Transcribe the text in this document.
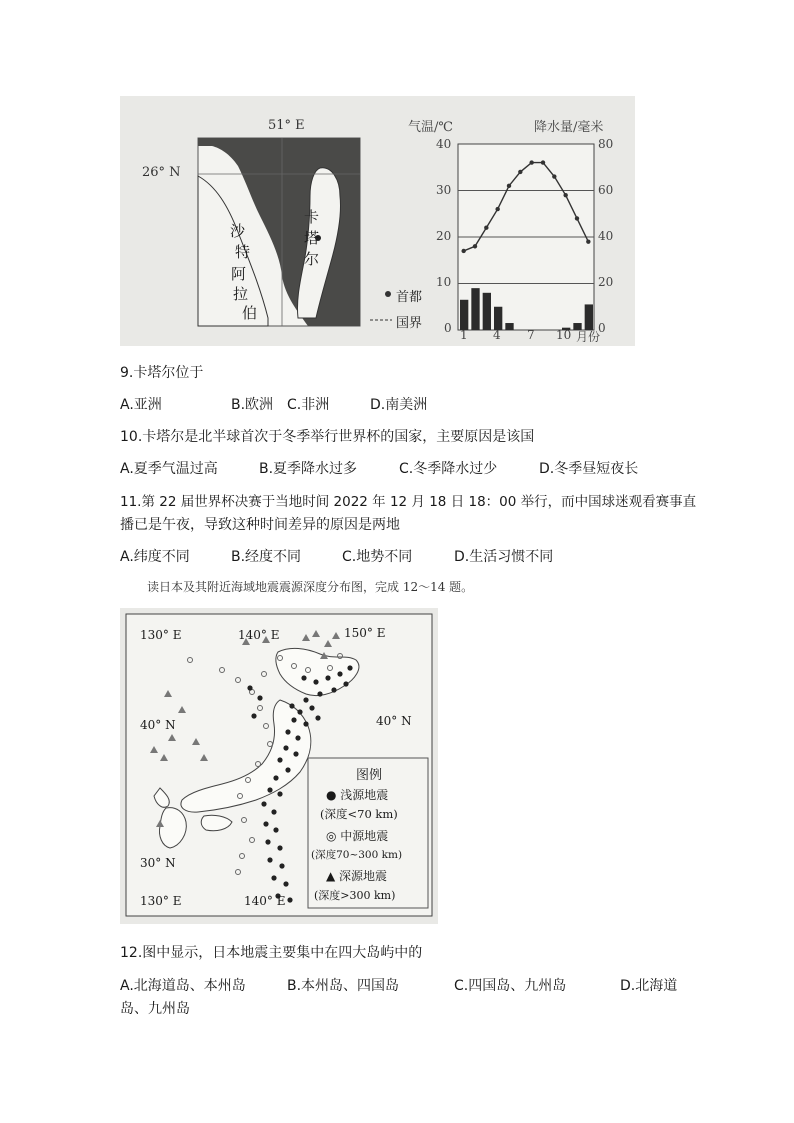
51° E
26° N
沙
特
阿
拉
伯
卡
塔
尔
首都
国界
气温/℃	降水量/毫米
40
30
20
10
0
80
60
40
20
0
1 4 7 10 月份
9.卡塔尔位于
A.亚洲	B.欧洲 C.非洲	D.南美洲
10.卡塔尔是北半球首次于冬季举行世界杯的国家，主要原因是该国
A.夏季气温过高	B.夏季降水过多	C.冬季降水过少	D.冬季昼短夜长
11.第 22 届世界杯决赛于当地时间 2022 年 12 月 18 日 18：00 举行，而中国球迷观看赛事直
播已是午夜，导致这种时间差异的原因是两地
A.纬度不同	B.经度不同	C.地势不同	D.生活习惯不同
读日本及其附近海域地震震源深度分布图，完成 12～14 题。
130° E	140° E	150° E
40° N	40° N
30° N
130° E	140° E
图例
● 浅源地震
(深度<70 km)
◎ 中源地震
(深度70~300 km)
▲ 深源地震
(深度>300 km)
12.图中显示，日本地震主要集中在四大岛屿中的
A.北海道岛、本州岛	B.本州岛、四国岛	C.四国岛、九州岛	D.北海道
岛、九州岛
